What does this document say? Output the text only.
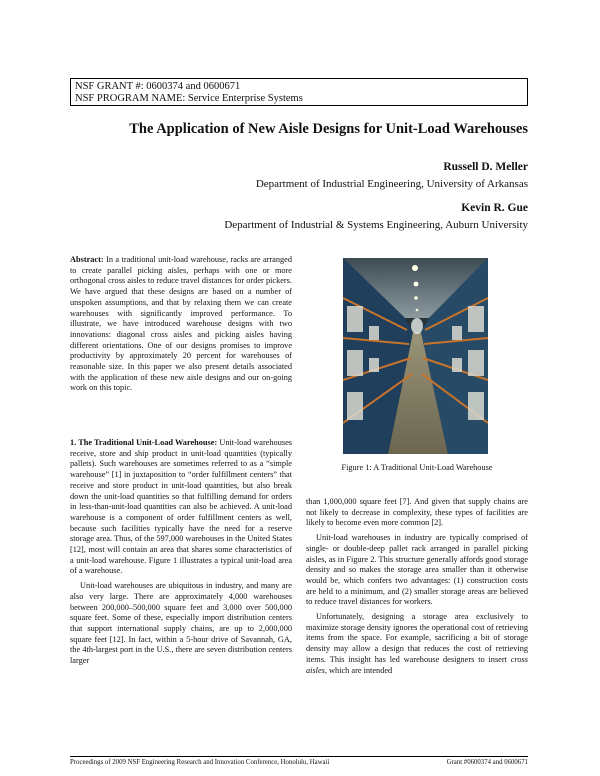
NSF GRANT #: 0600374 and 0600671
NSF PROGRAM NAME: Service Enterprise Systems
The Application of New Aisle Designs for Unit-Load Warehouses
Russell D. Meller
Department of Industrial Engineering, University of Arkansas
Kevin R. Gue
Department of Industrial & Systems Engineering, Auburn University

Abstract: In a traditional unit-load warehouse, racks are arranged to create parallel picking aisles, perhaps with one or more orthogonal cross aisles to reduce travel distances for order pickers. We have argued that these designs are based on a number of unspoken assumptions, and that by relaxing them we can create warehouses with significantly improved performance. To illustrate, we have introduced warehouse designs with two innovations: diagonal cross aisles and picking aisles having different orientations. One of our designs promises to improve productivity by approximately 20 percent for warehouses of reasonable size. In this paper we also present details associated with the application of these new aisle designs and our on-going work on this topic.

1. The Traditional Unit-Load Warehouse: Unit-load warehouses receive, store and ship product in unit-load quantities (typically pallets). Such warehouses are sometimes referred to as a “simple warehouse” [1] in juxtaposition to “order fulfillment centers” that receive and store product in unit-load quantities, but also break down the unit-load quantities so that fulfilling demand for orders in less-than-unit-load quantities can also be achieved. A unit-load warehouse is a component of order fulfillment centers as well, because such facilities typically have the need for a reserve storage area. Thus, of the 597,000 warehouses in the United States [12], most will contain an area that shares some characteristics of a unit-load warehouse. Figure 1 illustrates a typical unit-load area of a warehouse.

Unit-load warehouses are ubiquitous in industry, and many are also very large. There are approximately 4,000 warehouses between 200,000–500,000 square feet and 3,000 over 500,000 square feet. Some of these, especially import distribution centers that support international supply chains, are up to 2,000,000 square feet [12]. In fact, within a 5-hour drive of Savannah, GA, the 4th-largest port in the U.S., there are seven distribution centers larger

Figure 1: A Traditional Unit-Load Warehouse

than 1,000,000 square feet [7]. And given that supply chains are not likely to decrease in complexity, these types of facilities are likely to become even more common [2].

Unit-load warehouses in industry are typically comprised of single- or double-deep pallet rack arranged in parallel picking aisles, as in Figure 2. This structure generally affords good storage density and so makes the storage area smaller than it otherwise would be, which confers two advantages: (1) construction costs are held to a minimum, and (2) smaller storage areas are believed to reduce travel distances for workers.

Unfortunately, designing a storage area exclusively to maximize storage density ignores the operational cost of retrieving items from the space. For example, sacrificing a bit of storage density may allow a design that reduces the cost of retrieving items. This insight has led warehouse designers to insert cross aisles, which are intended

Proceedings of 2009 NSF Engineering Research and Innovation Conference, Honolulu, Hawaii	Grant #0600374 and 0600671
